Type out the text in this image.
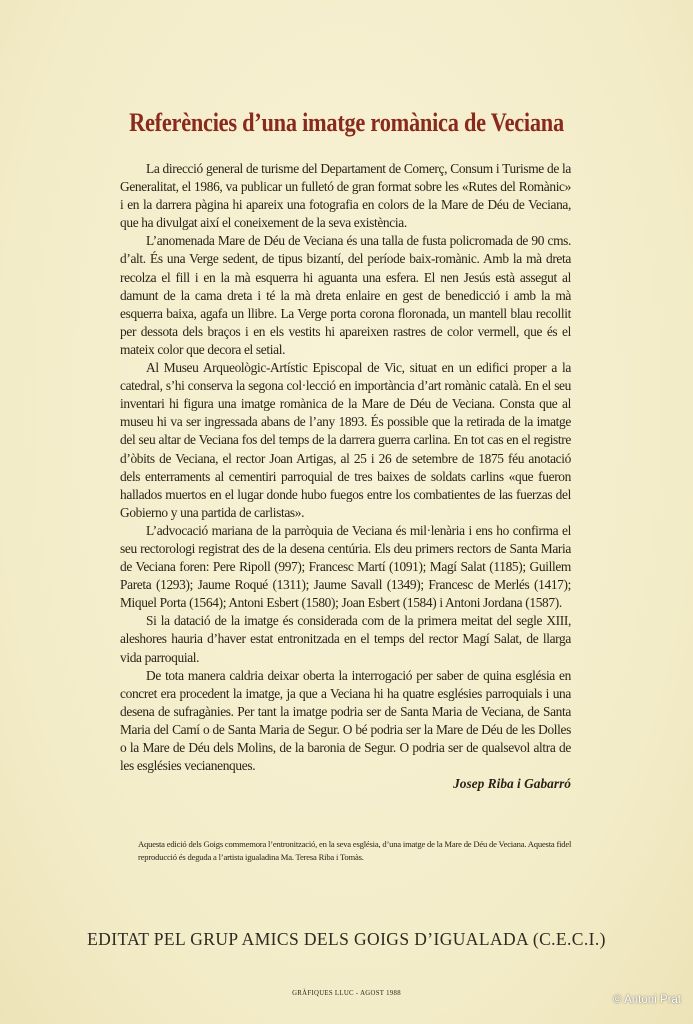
Referències d’una imatge romànica de Veciana

La direcció general de turisme del Departament de Comerç, Consum i Turisme de la Generalitat, el 1986, va publicar un fulletó de gran format sobre les «Rutes del Romànic» i en la darrera pàgina hi apareix una fotografia en colors de la Mare de Déu de Veciana, que ha divulgat així el coneixement de la seva existència.

L’anomenada Mare de Déu de Veciana és una talla de fusta policromada de 90 cms. d’alt. És una Verge sedent, de tipus bizantí, del període baix-romànic. Amb la mà dreta recolza el fill i en la mà esquerra hi aguanta una esfera. El nen Jesús està assegut al damunt de la cama dreta i té la mà dreta enlaire en gest de benedicció i amb la mà esquerra baixa, agafa un llibre. La Verge porta corona floronada, un mantell blau recollit per dessota dels braços i en els vestits hi apareixen rastres de color vermell, que és el mateix color que decora el setial.

Al Museu Arqueològic-Artístic Episcopal de Vic, situat en un edifici proper a la catedral, s’hi conserva la segona col·lecció en importància d’art romànic català. En el seu inventari hi figura una imatge romànica de la Mare de Déu de Veciana. Consta que al museu hi va ser ingressada abans de l’any 1893. És possible que la retirada de la imatge del seu altar de Veciana fos del temps de la darrera guerra carlina. En tot cas en el registre d’òbits de Veciana, el rector Joan Artigas, al 25 i 26 de setembre de 1875 féu anotació dels enterraments al cementiri parroquial de tres baixes de soldats carlins «que fueron hallados muertos en el lugar donde hubo fuegos entre los combatientes de las fuerzas del Gobierno y una partida de carlistas».

L’advocació mariana de la parròquia de Veciana és mil·lenària i ens ho confirma el seu rectorologi registrat des de la desena centúria. Els deu primers rectors de Santa Maria de Veciana foren: Pere Ripoll (997); Francesc Martí (1091); Magí Salat (1185); Guillem Pareta (1293); Jaume Roqué (1311); Jaume Savall (1349); Francesc de Merlés (1417); Miquel Porta (1564); Antoni Esbert (1580); Joan Esbert (1584) i Antoni Jordana (1587).

Si la datació de la imatge és considerada com de la primera meitat del segle XIII, aleshores hauria d’haver estat entronitzada en el temps del rector Magí Salat, de llarga vida parroquial.

De tota manera caldria deixar oberta la interrogació per saber de quina església en concret era procedent la imatge, ja que a Veciana hi ha quatre esglésies parroquials i una desena de sufragànies. Per tant la imatge podria ser de Santa Maria de Veciana, de Santa Maria del Camí o de Santa Maria de Segur. O bé podria ser la Mare de Déu de les Dolles o la Mare de Déu dels Molins, de la baronia de Segur. O podria ser de qualsevol altra de les esglésies vecianenques.

Josep Riba i Gabarró

Aquesta edició dels Goigs commemora l’entronització, en la seva església, d’una imatge de la Mare de Déu de Veciana. Aquesta fidel reproducció és deguda a l’artista igualadina Ma. Teresa Riba i Tomàs.

EDITAT PEL GRUP AMICS DELS GOIGS D’IGUALADA (C.E.C.I.)
GRÀFIQUES LLUC - AGOST 1988
© Antoni Prat
